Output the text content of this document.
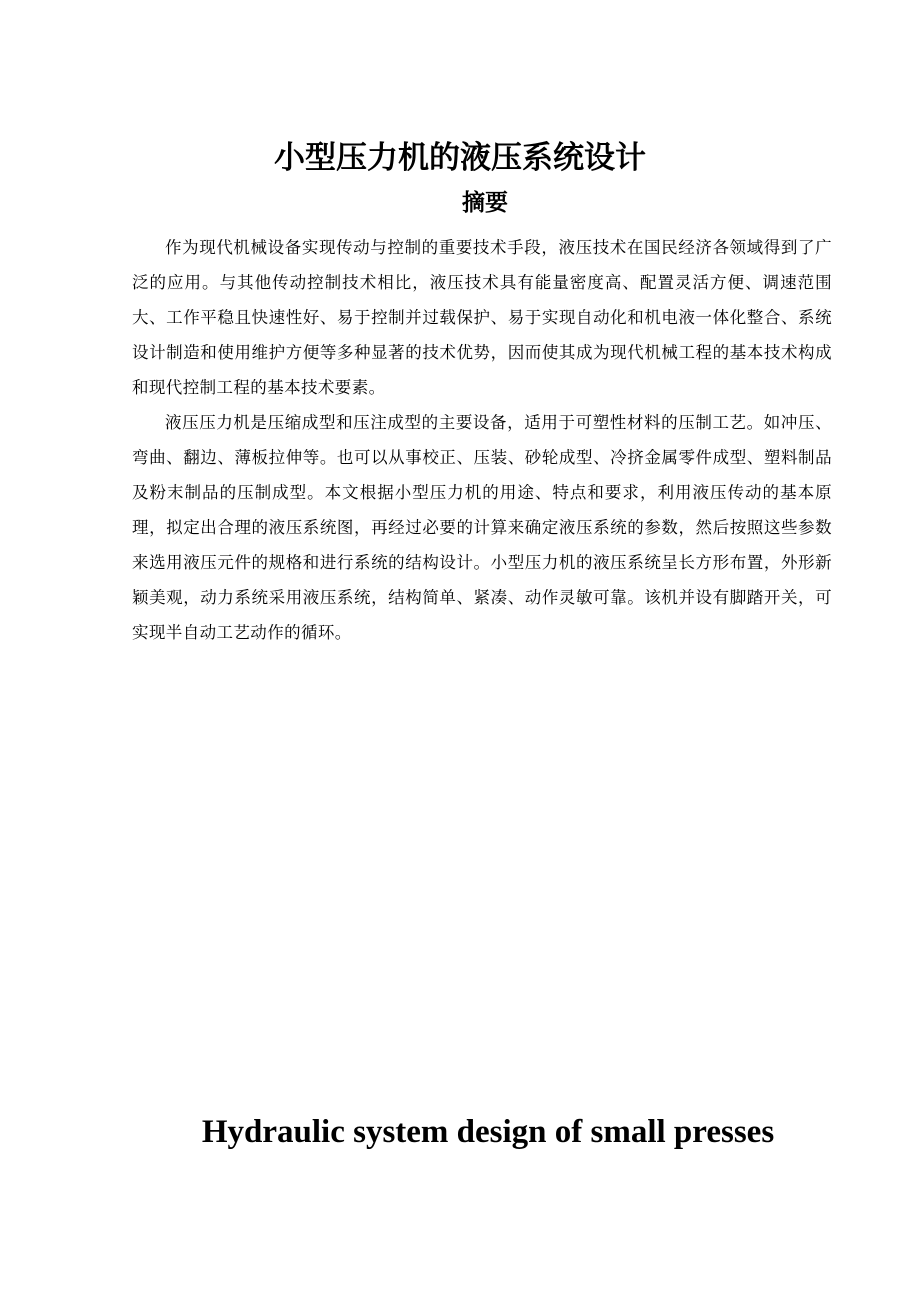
小型压力机的液压系统设计
摘要

作为现代机械设备实现传动与控制的重要技术手段，液压技术在国民经济各领域得到了广泛的应用。与其他传动控制技术相比，液压技术具有能量密度高、配置灵活方便、调速范围大、工作平稳且快速性好、易于控制并过载保护、易于实现自动化和机电液一体化整合、系统设计制造和使用维护方便等多种显著的技术优势，因而使其成为现代机械工程的基本技术构成和现代控制工程的基本技术要素。

液压压力机是压缩成型和压注成型的主要设备，适用于可塑性材料的压制工艺。如冲压、弯曲、翻边、薄板拉伸等。也可以从事校正、压装、砂轮成型、冷挤金属零件成型、塑料制品及粉末制品的压制成型。本文根据小型压力机的用途、特点和要求，利用液压传动的基本原理，拟定出合理的液压系统图，再经过必要的计算来确定液压系统的参数，然后按照这些参数来选用液压元件的规格和进行系统的结构设计。小型压力机的液压系统呈长方形布置，外形新颖美观，动力系统采用液压系统，结构简单、紧凑、动作灵敏可靠。该机并设有脚踏开关，可实现半自动工艺动作的循环。

Hydraulic system design of small presses
